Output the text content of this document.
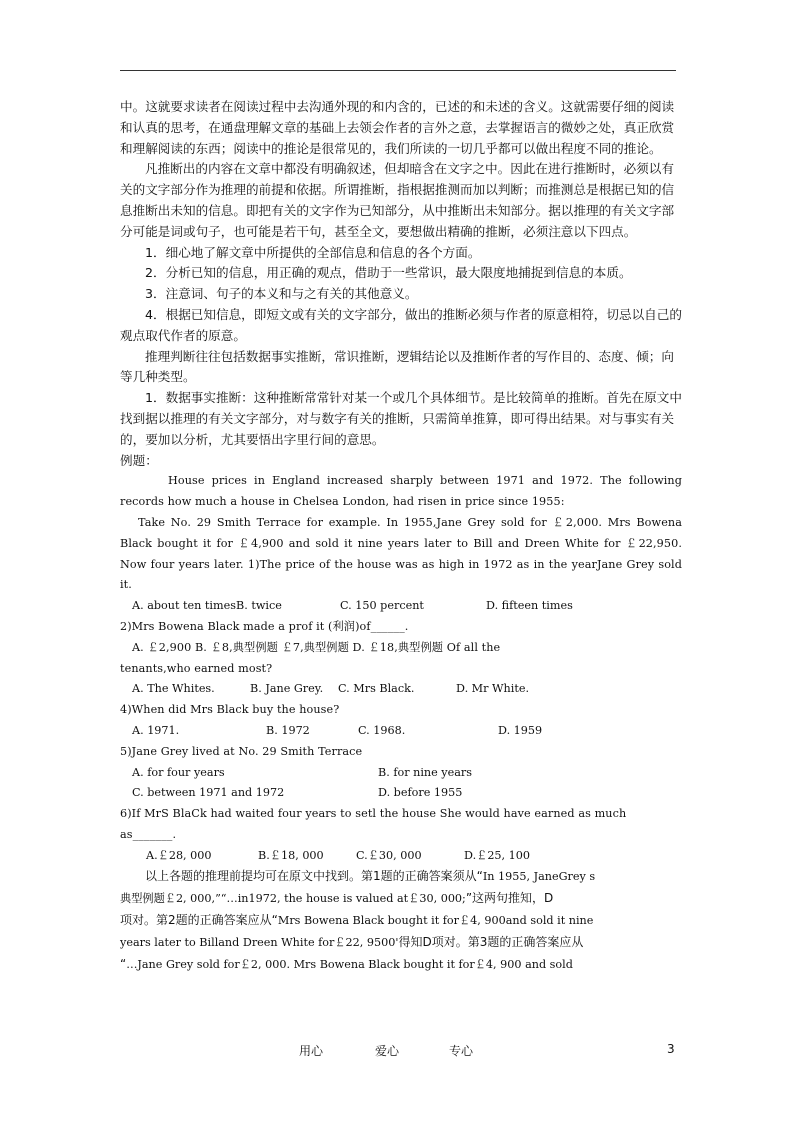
中。这就要求读者在阅读过程中去沟通外现的和内含的，已述的和未述的含义。这就需要仔细的阅读和认真的思考，在通盘理解文章的基础上去领会作者的言外之意，去掌握语言的微妙之处，真正欣赏和理解阅读的东西；阅读中的推论是很常见的，我们所读的一切几乎都可以做出程度不同的推论。

凡推断出的内容在文章中都没有明确叙述，但却暗含在文字之中。因此在进行推断时，必须以有关的文字部分作为推理的前提和依据。所谓推断，指根据推测而加以判断；而推测总是根据已知的信息推断出未知的信息。即把有关的文字作为已知部分，从中推断出未知部分。据以推理的有关文字部分可能是词或句子，也可能是若干句，甚至全文，要想做出精确的推断，必须注意以下四点。

1．细心地了解文章中所提供的全部信息和信息的各个方面。

2．分析已知的信息，用正确的观点，借助于一些常识，最大限度地捕捉到信息的本质。

3．注意词、句子的本义和与之有关的其他意义。

4．根据已知信息，即短文或有关的文字部分，做出的推断必须与作者的原意相符，切忌以自己的观点取代作者的原意。

推理判断往往包括数据事实推断，常识推断，逻辑结论以及推断作者的写作目的、态度、倾；向等几种类型。

1．数据事实推断：这种推断常常针对某一个或几个具体细节。是比较简单的推断。首先在原文中找到据以推理的有关文字部分，对与数字有关的推断，只需简单推算，即可得出结果。对与事实有关的，要加以分析，尤其要悟出字里行间的意思。

例题：

House prices in England increased sharply between 1971 and 1972. The following records how much a house in Chelsea London, had risen in price since 1955:

Take No. 29 Smith Terrace for example. In 1955,Jane Grey sold for ￡2,000. Mrs Bowena Black bought it for ￡4,900 and sold it nine years later to Bill and Dreen White for ￡22,950. Now four years later. 1)The price of the house was as high in 1972 as in the yearJane Grey sold it.

A. about ten times B. twice	C. 150 percent	D. fifteen times

2)Mrs Bowena Black made a prof it (利润)of______.

A. ￡2,900 B. ￡8,典型例题 ￡7,典型例题 D. ￡18,典型例题 Of all the

tenants,who earned most?

A. The Whites.	B. Jane Grey.	C. Mrs Black.	D. Mr White.

4)When did Mrs Black buy the house?

A. 1971.	B. 1972	C. 1968.	D. 1959

5)Jane Grey lived at No. 29 Smith Terrace

A. for four years	B. for nine years
C. between 1971 and 1972	D. before 1955

6)If MrS BlaCk had waited four years to setl the house She would have earned as much

as_______.

A.￡28, 000	B.￡18, 000	C.￡30, 000	D.￡25, 100

以上各题的推理前提均可在原文中找到。第1题的正确答案须从“In 1955, JaneGrey s

典型例题￡2, 000,”“…in1972, the house is valued at￡30, 000;”这两句推知，D

项对。第2题的正确答案应从“Mrs Bowena Black bought it for￡4, 900and sold it nine

years later to Billand Dreen White for￡22, 9500'得知D项对。第3题的正确答案应从

“…Jane Grey sold for￡2, 000. Mrs Bowena Black bought it for￡4, 900 and sold

用心	爱心	专心	3
